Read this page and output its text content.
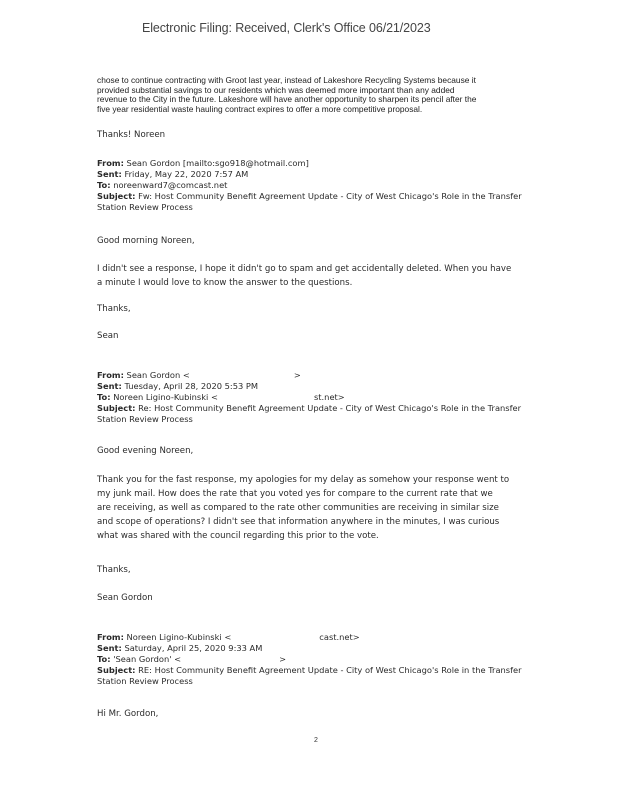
Electronic Filing: Received, Clerk's Office 06/21/2023
chose to continue contracting with Groot last year, instead of Lakeshore Recycling Systems because it
provided substantial savings to our residents which was deemed more important than any added
revenue to the City in the future. Lakeshore will have another opportunity to sharpen its pencil after the
five year residential waste hauling contract expires to offer a more competitive proposal.
Thanks! Noreen
From: Sean Gordon [mailto:sgo918@hotmail.com]
Sent: Friday, May 22, 2020 7:57 AM
To: noreenward7@comcast.net
Subject: Fw: Host Community Benefit Agreement Update - City of West Chicago's Role in the Transfer
Station Review Process
Good morning Noreen,
I didn't see a response, I hope it didn't go to spam and get accidentally deleted. When you have
a minute I would love to know the answer to the questions.
Thanks,
Sean
From: Sean Gordon <	>
Sent: Tuesday, April 28, 2020 5:53 PM
To: Noreen Ligino-Kubinski <	st.net>
Subject: Re: Host Community Benefit Agreement Update - City of West Chicago's Role in the Transfer
Station Review Process
Good evening Noreen,
Thank you for the fast response, my apologies for my delay as somehow your response went to
my junk mail. How does the rate that you voted yes for compare to the current rate that we
are receiving, as well as compared to the rate other communities are receiving in similar size
and scope of operations? I didn't see that information anywhere in the minutes, I was curious
what was shared with the council regarding this prior to the vote.
Thanks,
Sean Gordon
From: Noreen Ligino-Kubinski <	cast.net>
Sent: Saturday, April 25, 2020 9:33 AM
To: 'Sean Gordon' <	>
Subject: RE: Host Community Benefit Agreement Update - City of West Chicago's Role in the Transfer
Station Review Process
Hi Mr. Gordon,
2
